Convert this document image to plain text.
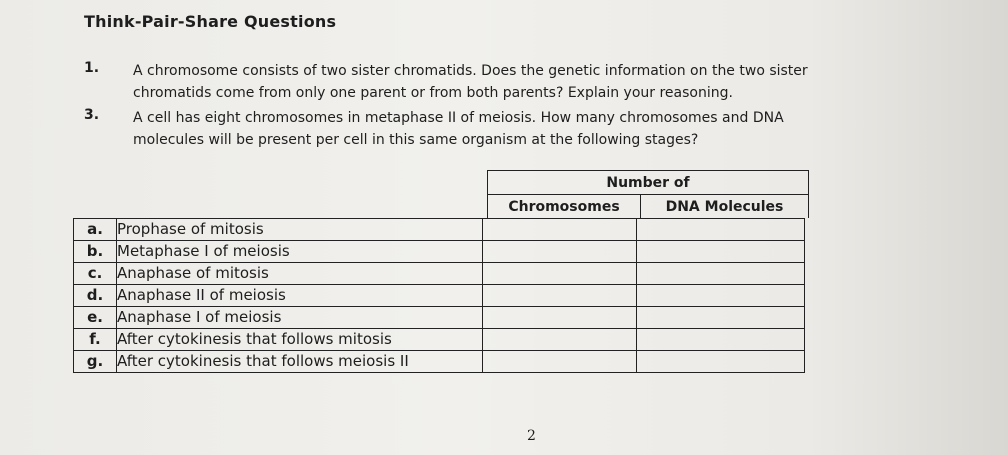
Think-Pair-Share Questions
1. A chromosome consists of two sister chromatids. Does the genetic information on the two sister
chromatids come from only one parent or from both parents? Explain your reasoning.
3. A cell has eight chromosomes in metaphase II of meiosis. How many chromosomes and DNA
molecules will be present per cell in this same organism at the following stages?
Number of
Chromosomes	DNA Molecules
a.	Prophase of mitosis		
b.	Metaphase I of meiosis		
c.	Anaphase of mitosis		
d.	Anaphase II of meiosis		
e.	Anaphase I of meiosis		
f.	After cytokinesis that follows mitosis		
g.	After cytokinesis that follows meiosis II		
2
